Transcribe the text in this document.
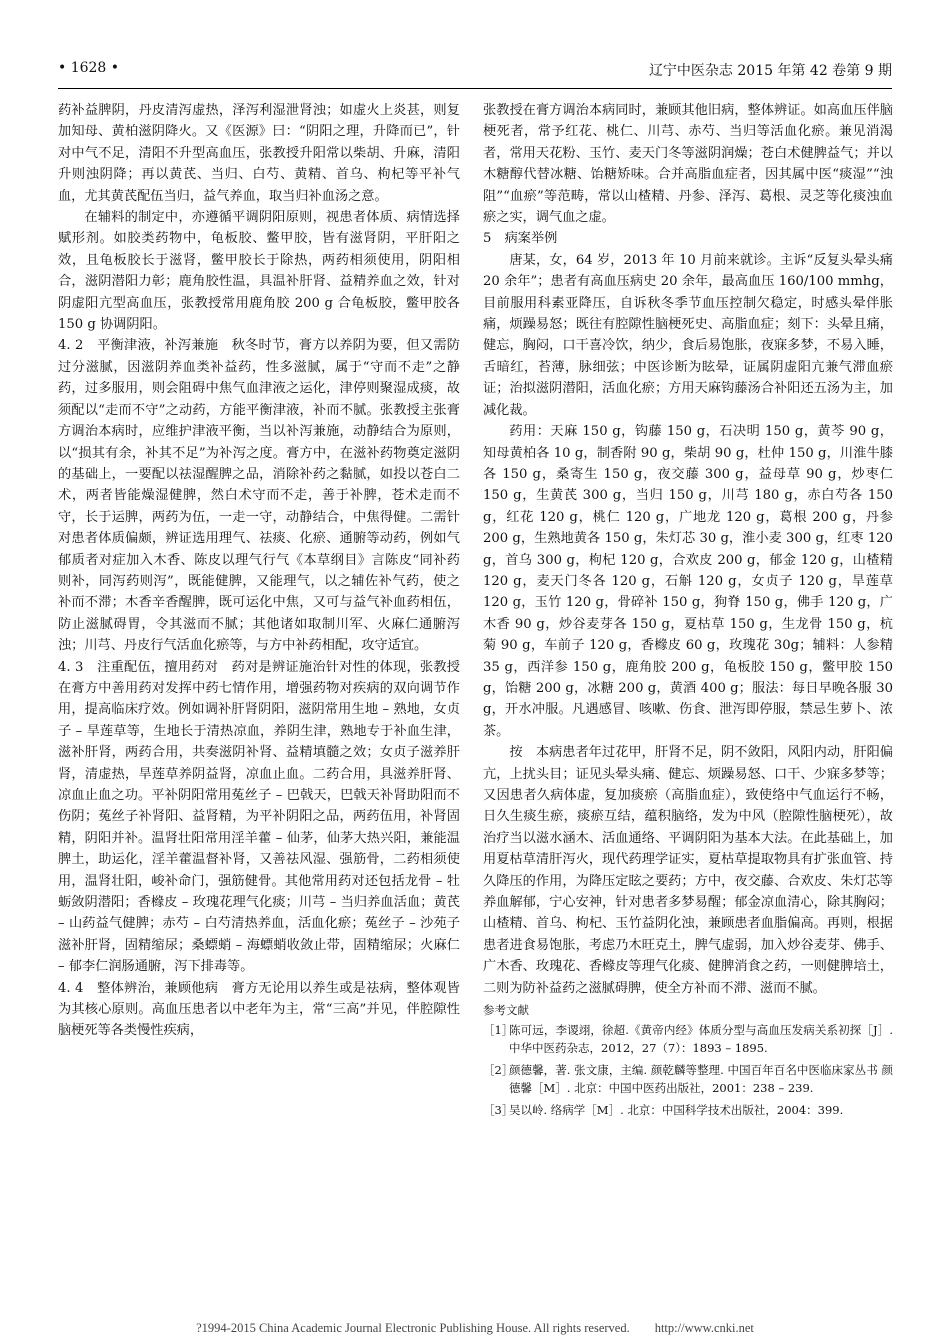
• 1628 •	辽宁中医杂志 2015 年第 42 卷第 9 期

药补益脾阴，丹皮清泻虚热，泽泻利湿泄肾浊；如虚火上炎甚，则复加知母、黄柏滋阴降火。又《医源》曰：“阴阳之理，升降而已”，针对中气不足，清阳不升型高血压，张教授升阳常以柴胡、升麻，清阳升则浊阴降；再以黄芪、当归、白芍、黄精、首乌、枸杞等平补气血，尤其黄芪配伍当归，益气养血，取当归补血汤之意。

在辅料的制定中，亦遵循平调阴阳原则，视患者体质、病情选择赋形剂。如胶类药物中，龟板胶、鳖甲胶，皆有滋肾阴，平肝阳之效，且龟板胶长于滋肾，鳖甲胶长于除热，两药相须使用，阴阳相合，滋阴潜阳力彰；鹿角胶性温，具温补肝肾、益精养血之效，针对阴虚阳亢型高血压，张教授常用鹿角胶 200 g 合龟板胶，鳖甲胶各 150 g 协调阴阳。

4. 2　平衡津液，补泻兼施　秋冬时节，膏方以养阴为要，但又需防过分滋腻，因滋阴养血类补益药，性多滋腻，属于“守而不走”之静药，过多服用，则会阻碍中焦气血津液之运化，津停则聚湿成痰，故须配以“走而不守”之动药，方能平衡津液，补而不腻。张教授主张膏方调治本病时，应维护津液平衡，当以补泻兼施，动静结合为原则，以“损其有余，补其不足”为补泻之度。膏方中，在滋补药物奠定滋阴的基础上，一要配以祛湿醒脾之品，消除补药之黏腻，如投以苍白二术，两者皆能燥湿健脾，然白术守而不走，善于补脾，苍术走而不守，长于运脾，两药为伍，一走一守，动静结合，中焦得健。二需针对患者体质偏颇，辨证选用理气、祛痰、化瘀、通腑等动药，例如气郁质者对症加入木香、陈皮以理气行气《本草纲目》言陈皮“同补药则补，同泻药则泻”，既能健脾，又能理气，以之辅佐补气药，使之补而不滞；木香辛香醒脾，既可运化中焦，又可与益气补血药相伍，防止滋腻碍胃，令其滋而不腻；其他诸如取制川军、火麻仁通腑泻浊；川芎、丹皮行气活血化瘀等，与方中补药相配，攻守适宜。

4. 3　注重配伍，擅用药对　药对是辨证施治针对性的体现，张教授在膏方中善用药对发挥中药七情作用，增强药物对疾病的双向调节作用，提高临床疗效。例如调补肝肾阴阳，滋阴常用生地 – 熟地，女贞子 – 旱莲草等，生地长于清热凉血，养阴生津，熟地专于补血生津，滋补肝肾，两药合用，共奏滋阴补肾、益精填髓之效；女贞子滋养肝肾，清虚热，旱莲草养阴益肾，凉血止血。二药合用，具滋养肝肾、凉血止血之功。平补阴阳常用菟丝子 – 巴戟天，巴戟天补肾助阳而不伤阴；菟丝子补肾阳、益肾精，为平补阴阳之品，两药伍用，补肾固精，阴阳并补。温肾壮阳常用淫羊藿 – 仙茅，仙茅大热兴阳，兼能温脾土，助运化，淫羊藿温督补肾，又善祛风湿、强筋骨，二药相须使用，温肾壮阳，峻补命门，强筋健骨。其他常用药对还包括龙骨 – 牡蛎敛阴潜阳；香橼皮 – 玫瑰花理气化痰；川芎 – 当归养血活血；黄芪 – 山药益气健脾；赤芍 – 白芍清热养血，活血化瘀；菟丝子 – 沙苑子滋补肝肾，固精缩尿；桑螵蛸 – 海螵蛸收敛止带，固精缩尿；火麻仁 – 郁李仁润肠通腑，泻下排毒等。

4. 4　整体辨治，兼顾他病　膏方无论用以养生或是祛病，整体观皆为其核心原则。高血压患者以中老年为主，常“三高”并见，伴腔隙性脑梗死等各类慢性疾病，

张教授在膏方调治本病同时，兼顾其他旧病，整体辨证。如高血压伴脑梗死者，常予红花、桃仁、川芎、赤芍、当归等活血化瘀。兼见消渴者，常用天花粉、玉竹、麦天门冬等滋阴润燥；苍白术健脾益气；并以木糖醇代替冰糖、饴糖矫味。合并高脂血症者，因其属中医“痰湿”“浊阻”“血瘀”等范畴，常以山楂精、丹参、泽泻、葛根、灵芝等化痰浊血瘀之实，调气血之虚。

5　病案举例

唐某，女，64 岁，2013 年 10 月前来就诊。主诉“反复头晕头痛 20 余年”；患者有高血压病史 20 余年，最高血压 160/100 mmhg，目前服用科素亚降压，自诉秋冬季节血压控制欠稳定，时感头晕伴胀痛，烦躁易怒；既往有腔隙性脑梗死史、高脂血症；刻下：头晕且痛，健忘，胸闷，口干喜冷饮，纳少，食后易饱胀，夜寐多梦，不易入睡，舌暗红，苔薄，脉细弦；中医诊断为眩晕，证属阴虚阳亢兼气滞血瘀证；治拟滋阴潜阳，活血化瘀；方用天麻钩藤汤合补阳还五汤为主，加减化裁。

药用：天麻 150 g，钩藤 150 g，石决明 150 g，黄芩 90 g，知母黄柏各 10 g，制香附 90 g，柴胡 90 g，杜仲 150 g，川淮牛膝各 150 g，桑寄生 150 g，夜交藤 300 g，益母草 90 g，炒枣仁 150 g，生黄芪 300 g，当归 150 g，川芎 180 g，赤白芍各 150 g，红花 120 g，桃仁 120 g，广地龙 120 g，葛根 200 g，丹参 200 g，生熟地黄各 150 g，朱灯芯 30 g，淮小麦 300 g，红枣 120 g，首乌 300 g，枸杞 120 g，合欢皮 200 g，郁金 120 g，山楂精 120 g，麦天门冬各 120 g，石斛 120 g，女贞子 120 g，旱莲草 120 g，玉竹 120 g，骨碎补 150 g，狗脊 150 g，佛手 120 g，广木香 90 g，炒谷麦芽各 150 g，夏枯草 150 g，生龙骨 150 g，杭菊 90 g，车前子 120 g，香橼皮 60 g，玫瑰花 30g；辅料：人参精 35 g，西洋参 150 g，鹿角胶 200 g，龟板胶 150 g，鳖甲胶 150 g，饴糖 200 g，冰糖 200 g，黄酒 400 g；服法：每日早晚各服 30 g，开水冲服。凡遇感冒、咳嗽、伤食、泄泻即停服，禁忌生萝卜、浓茶。

按　本病患者年过花甲，肝肾不足，阴不敛阳，风阳内动，肝阳偏亢，上扰头目；证见头晕头痛、健忘、烦躁易怒、口干、少寐多梦等；又因患者久病体虚，复加痰瘀（高脂血症），致使络中气血运行不畅，日久生痰生瘀，痰瘀互结，蕴积脑络，发为中风（腔隙性脑梗死），故治疗当以滋水涵木、活血通络、平调阴阳为基本大法。在此基础上，加用夏枯草清肝泻火，现代药理学证实，夏枯草提取物具有扩张血管、持久降压的作用，为降压定眩之要药；方中，夜交藤、合欢皮、朱灯芯等养血解郁，宁心安神，针对患者多梦易醒；郁金凉血清心，除其胸闷；山楂精、首乌、枸杞、玉竹益阴化浊，兼顾患者血脂偏高。再则，根据患者进食易饱胀，考虑乃木旺克土，脾气虚弱，加入炒谷麦芽、佛手、广木香、玫瑰花、香橼皮等理气化痰、健脾消食之药，一则健脾培土，二则为防补益药之滋腻碍脾，使全方补而不滞、滋而不腻。

参考文献
［1］
陈可远，李谡翊，徐超.《黄帝内经》体质分型与高血压发病关系初探［J］. 中华中医药杂志，2012，27（7）：1893 – 1895.
［2］
颜德馨，著. 张文康，主编. 颜乾麟等整理. 中国百年百名中医临床家丛书 颜德馨［M］. 北京：中国中医药出版社，2001：238 – 239.
［3］
吴以岭. 络病学［M］. 北京：中国科学技术出版社，2004：399.
?1994-2015 China Academic Journal Electronic Publishing House. All rights reserved.　　http://www.cnki.net
